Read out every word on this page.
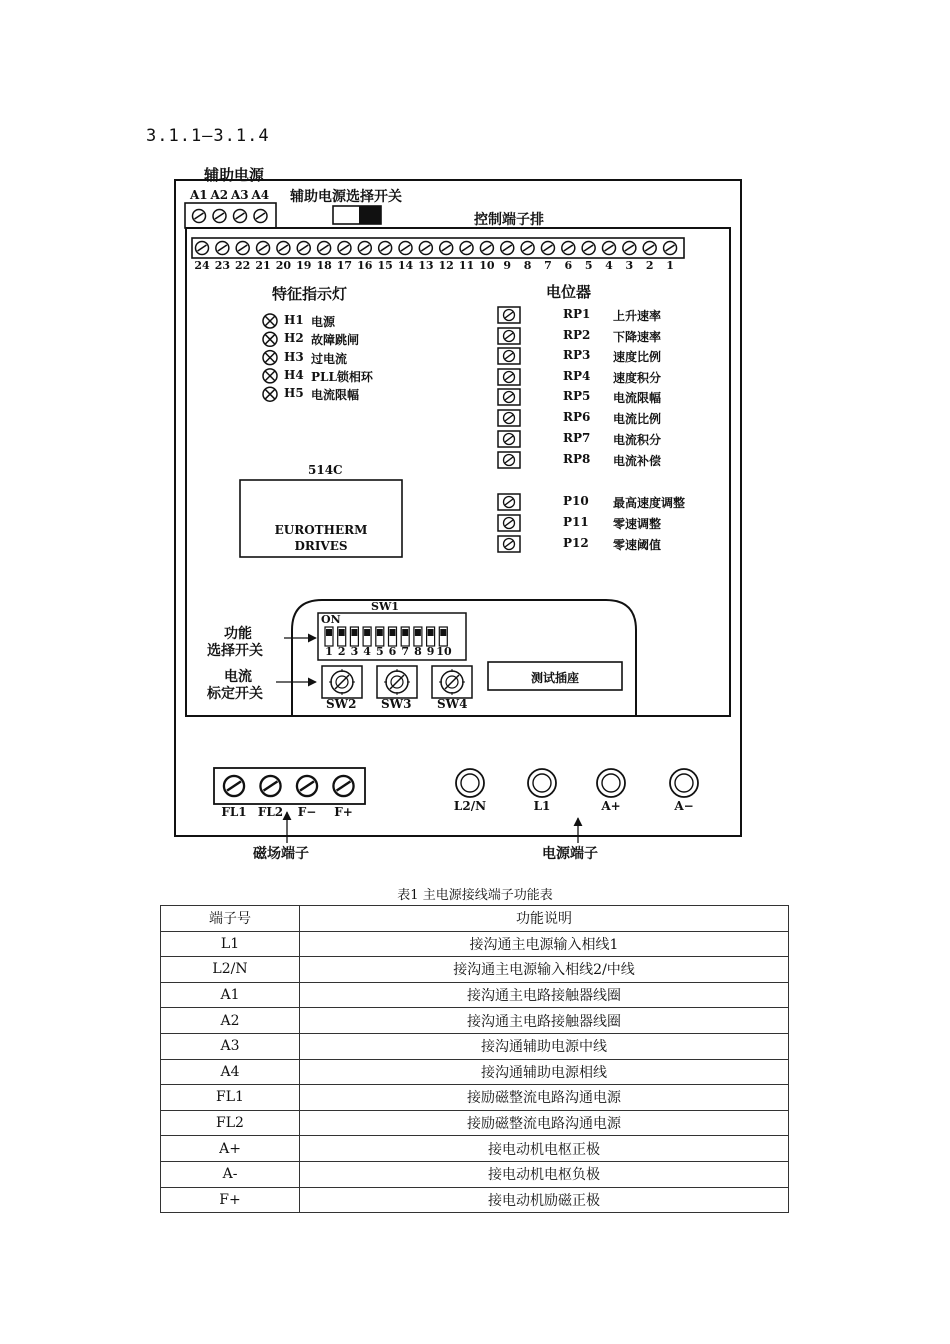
3.1.1—3.1.4
辅助电源
A1 A2 A3 A4 辅助电源选择开关
控制端子排
24 23 22 21 20 19 18 17 16 15 14 13 12 11 10 9	8	7	6	5	4	3	2	1
特征指示灯
H1 电源
H2 故障跳闸
H3 过电流
H4 PLL锁相环
H5 电流限幅
电位器
RP1 上升速率
RP2 下降速率
RP3 速度比例
RP4 速度积分
RP5 电流限幅
RP6 电流比例
RP7 电流积分
RP8 电流补偿
P10 最高速度调整
P11 零速调整
P12 零速阈值
514C
EUROTHERM
DRIVES
SW1
ON
1 2 3 4 5 6 7 8 9 10
功能
选择开关
电流
标定开关
SW2 SW3 SW4
测试插座
FL1 FL2	F−	F+
磁场端子
L2/N	L1	A+	A−
电源端子
表1 主电源接线端子功能表
端子号	功能说明
L1	接沟通主电源输入相线1
L2/N	接沟通主电源输入相线2/中线
A1	接沟通主电路接触器线圈
A2	接沟通主电路接触器线圈
A3	接沟通辅助电源中线
A4	接沟通辅助电源相线
FL1	接励磁整流电路沟通电源
FL2	接励磁整流电路沟通电源
A+	接电动机电枢正极
A-	接电动机电枢负极
F+	接电动机励磁正极
